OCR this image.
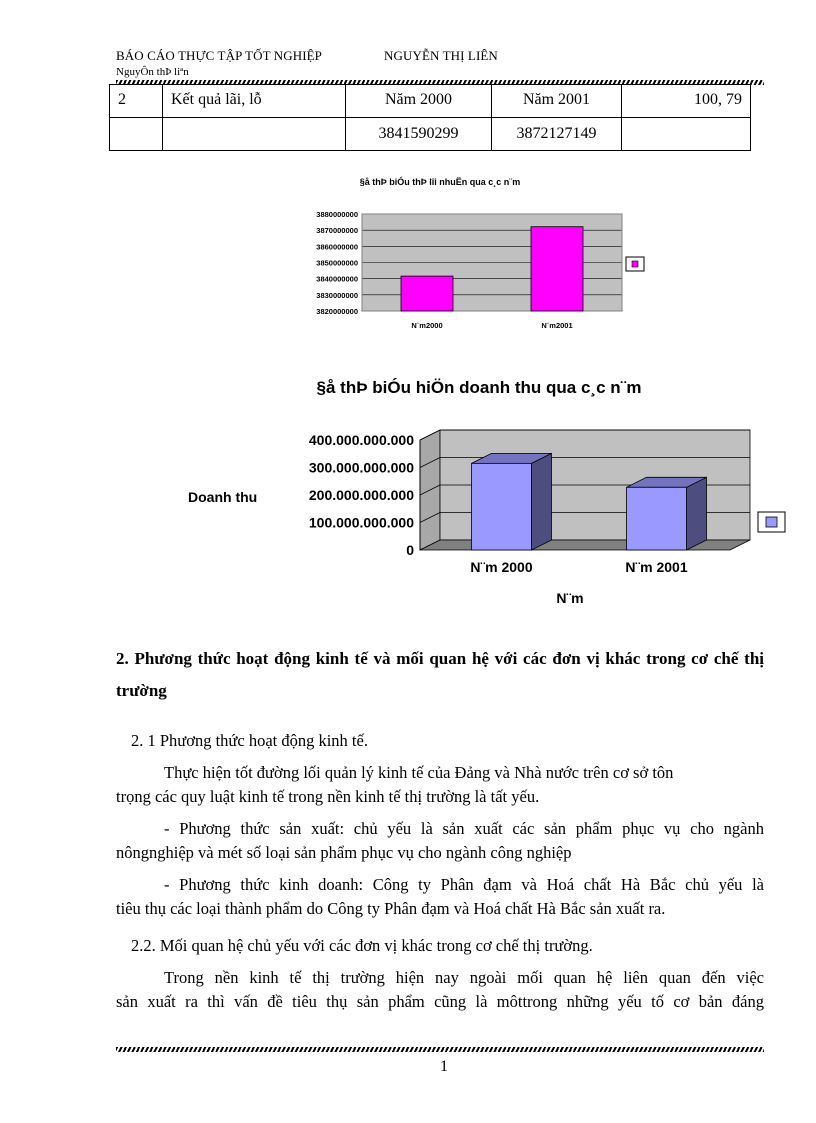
BÁO CÁO THỰC TẬP TỐT NGHIỆP	NGUYỄN THỊ LIÊN
NguyÔn thÞ liªn
2	Kết quả lãi, lỗ	Năm 2000	Năm 2001	100, 79
		3841590299	3872127149	
§å thÞ biÓu thÞ lîi nhuËn qua c¸c n¨m
3880000000
3870000000
3860000000
3850000000
3840000000
3830000000
3820000000
N¨m2000	N¨m2001
§å thÞ biÓu hiÖn doanh thu qua c¸c n¨m
400.000.000.000
300.000.000.000
200.000.000.000
100.000.000.000
0
Doanh thu
N¨m 2000	N¨m 2001
N¨m
2. Phương thức hoạt động kinh tế và mối quan hệ với các đơn vị khác trong cơ chế thị trường
2. 1 Phương thức hoạt động kinh tế.
Thực hiện tốt đường lối quản lý kinh tế của Đảng và Nhà nước trên cơ sở tôn
trọng các quy luật kinh tế trong nền kinh tế thị trường là tất yếu.
- Phương thức sản xuất: chủ yếu là sản xuất các sản phẩm phục vụ cho ngành
nôngnghiệp và mét số loại sản phẩm phục vụ cho ngành công nghiệp
- Phương thức kinh doanh: Công ty Phân đạm và Hoá chất Hà Bắc chủ yếu là
tiêu thụ các loại thành phẩm do Công ty Phân đạm và Hoá chất Hà Bắc sản xuất ra.
2.2. Mối quan hệ chủ yếu với các đơn vị khác trong cơ chế thị trường.
Trong nền kinh tế thị trường hiện nay ngoài mối quan hệ liên quan đến việc
sản xuất ra thì vấn đề tiêu thụ sản phẩm cũng là môttrong những yếu tố cơ bản đáng
1
